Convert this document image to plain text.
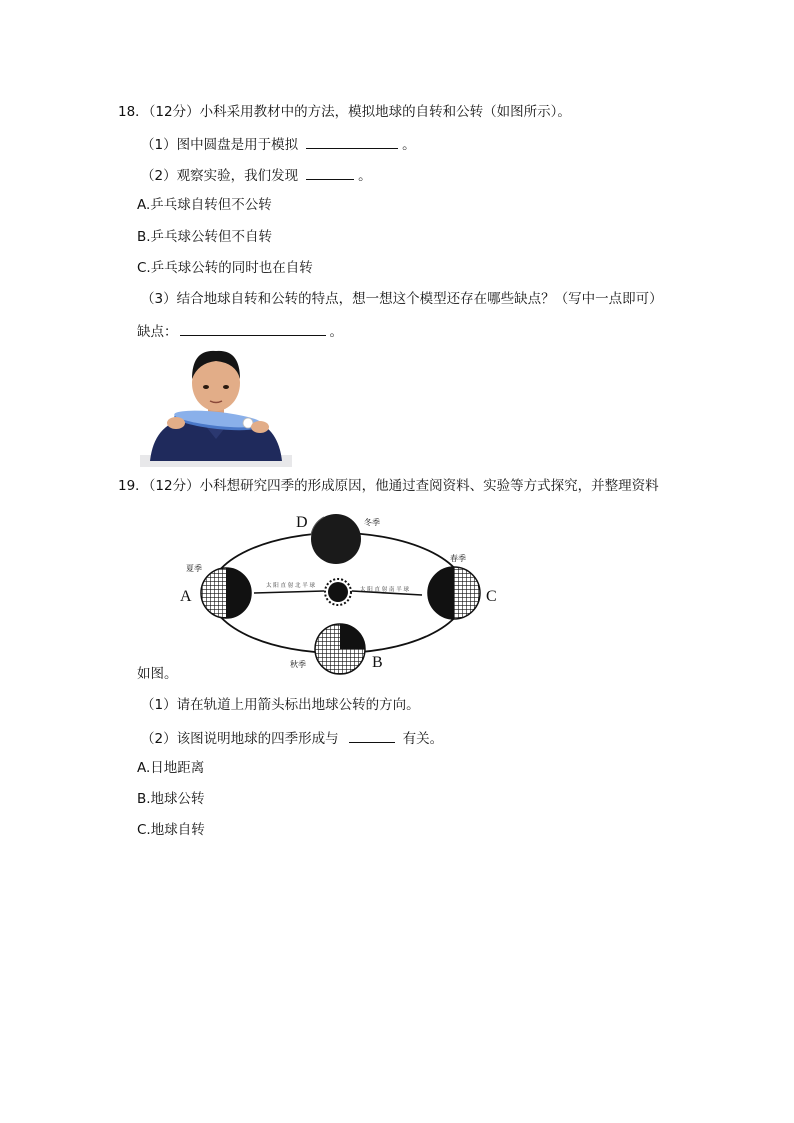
18．（12分）小科采用教材中的方法，模拟地球的自转和公转（如图所示）。
（1）图中圆盘是用于模拟	。
（2）观察实验，我们发现	。
A.乒乓球自转但不公转
B.乒乓球公转但不自转
C.乒乓球公转的同时也在自转
（3）结合地球自转和公转的特点，想一想这个模型还存在哪些缺点？（写中一点即可）
缺点：	。
19．（12分）小科想研究四季的形成原因，他通过查阅资料、实验等方式探究，并整理资料
太 阳 直 射 北 半 球
太 阳 直 射 南 半 球
A
B
C
D
夏季
秋季
春季
冬季
如图。
（1）请在轨道上用箭头标出地球公转的方向。
（2）该图说明地球的四季形成与	有关。
A.日地距离
B.地球公转
C.地球自转
